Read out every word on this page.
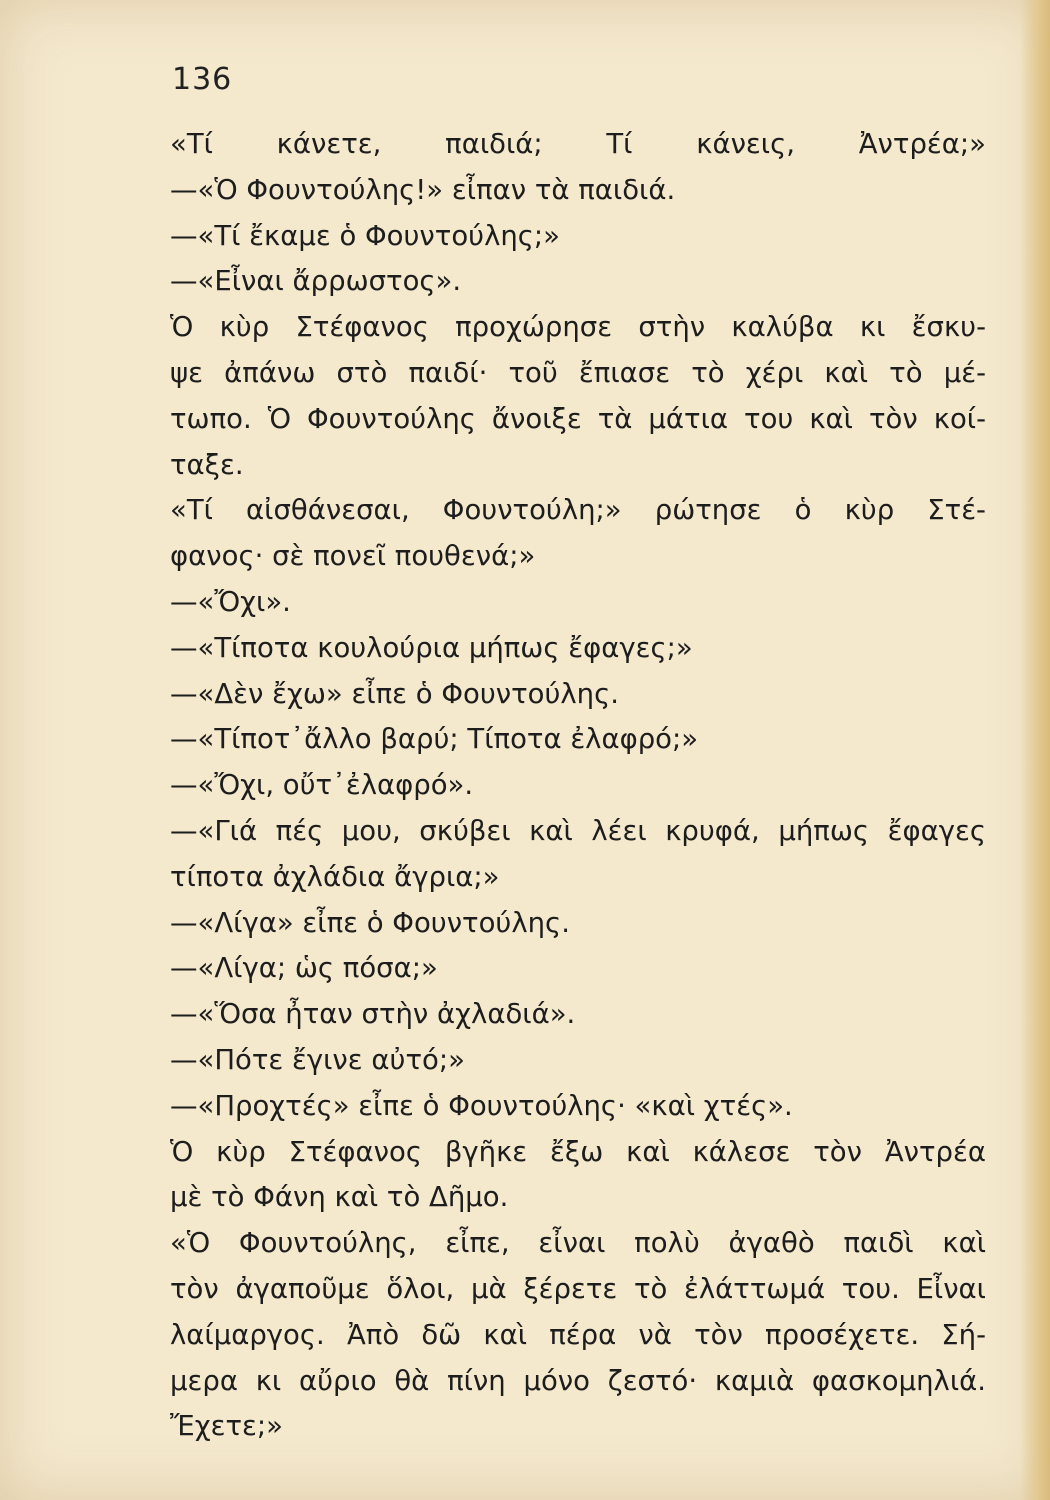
136
«Τί κάνετε, παιδιά; Τί κάνεις, Ἀντρέα;»
—«Ὁ Φουντούλης!» εἶπαν τὰ παιδιά.
—«Τί ἔκαμε ὁ Φουντούλης;»
—«Εἶναι ἄρρωστος».
Ὁ κὺρ Στέφανος προχώρησε στὴν καλύβα κι ἔσκυ-
ψε ἀπάνω στὸ παιδί· τοῦ ἔπιασε τὸ χέρι καὶ τὸ μέ-
τωπο. Ὁ Φουντούλης ἄνοιξε τὰ μάτια του καὶ τὸν κοί-
ταξε.
«Τί αἰσθάνεσαι, Φουντούλη;» ρώτησε ὁ κὺρ Στέ-
φανος· σὲ πονεῖ πουθενά;»
—«Ὄχι».
—«Τίποτα κουλούρια μήπως ἔφαγες;»
—«Δὲν ἔχω» εἶπε ὁ Φουντούλης.
—«Τίποτ᾽ἄλλο βαρύ; Τίποτα ἐλαφρό;»
—«Ὄχι, οὔτ᾽ἐλαφρό».
—«Γιά πές μου, σκύβει καὶ λέει κρυφά, μήπως ἔφαγες
τίποτα ἀχλάδια ἄγρια;»
—«Λίγα» εἶπε ὁ Φουντούλης.
—«Λίγα; ὡς πόσα;»
—«Ὅσα ἦταν στὴν ἀχλαδιά».
—«Πότε ἔγινε αὐτό;»
—«Προχτές» εἶπε ὁ Φουντούλης· «καὶ χτές».
Ὁ κὺρ Στέφανος βγῆκε ἔξω καὶ κάλεσε τὸν Ἀντρέα
μὲ τὸ Φάνη καὶ τὸ Δῆμο.
«Ὁ Φουντούλης, εἶπε, εἶναι πολὺ ἀγαθὸ παιδὶ καὶ
τὸν ἀγαποῦμε ὅλοι, μὰ ξέρετε τὸ ἐλάττωμά του. Εἶναι
λαίμαργος. Ἀπὸ δῶ καὶ πέρα νὰ τὸν προσέχετε. Σή-
μερα κι αὔριο θὰ πίνη μόνο ζεστό· καμιὰ φασκομηλιά.
Ἔχετε;»
